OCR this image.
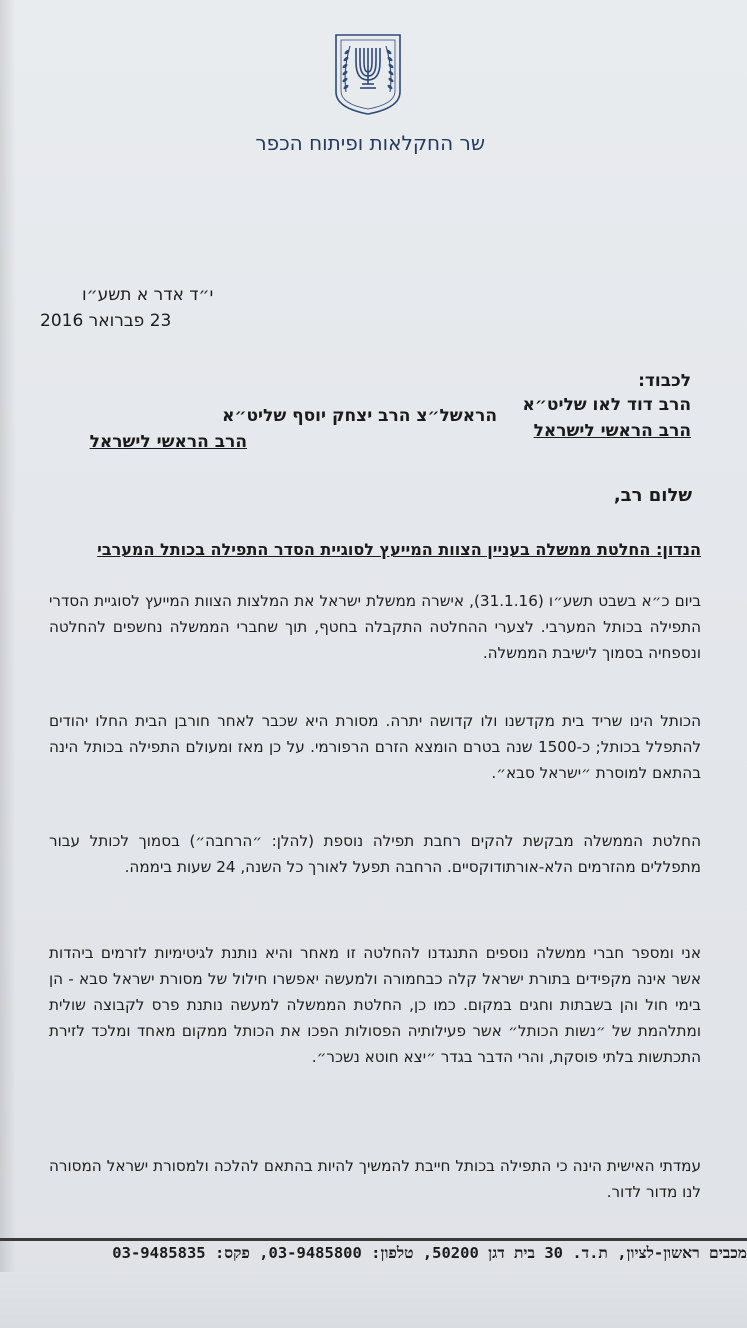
שר החקלאות ופיתוח הכפר
י״ד אדר א תשע״ו
23 פברואר 2016
לכבוד:
הרב דוד לאו שליט״א
הרב הראשי לישראל
הראשל״צ הרב יצחק יוסף שליט״א
הרב הראשי לישראל
שלום רב,
הנדון: החלטת ממשלה בעניין הצוות המייעץ לסוגיית הסדר התפילה בכותל המערבי
ביום כ״א בשבט תשע״ו (31.1.16), אישרה ממשלת ישראל את המלצות הצוות המייעץ לסוגיית הסדרי התפילה בכותל המערבי. לצערי ההחלטה התקבלה בחטף, תוך שחברי הממשלה נחשפים להחלטה ונספחיה בסמוך לישיבת הממשלה.
הכותל הינו שריד בית מקדשנו ולו קדושה יתרה. מסורת היא שכבר לאחר חורבן הבית החלו יהודים להתפלל בכותל; כ-1500 שנה בטרם הומצא הזרם הרפורמי. על כן מאז ומעולם התפילה בכותל הינה בהתאם למוסרת ״ישראל סבא״.
החלטת הממשלה מבקשת להקים רחבת תפילה נוספת (להלן: ״הרחבה״) בסמוך לכותל עבור מתפללים מהזרמים הלא-אורתודוקסיים. הרחבה תפעל לאורך כל השנה, 24 שעות ביממה.
אני ומספר חברי ממשלה נוספים התנגדנו להחלטה זו מאחר והיא נותנת לגיטימיות לזרמים ביהדות אשר אינה מקפידים בתורת ישראל קלה כבחמורה ולמעשה יאפשרו חילול של מסורת ישראל סבא - הן בימי חול והן בשבתות וחגים במקום. כמו כן, החלטת הממשלה למעשה נותנת פרס לקבוצה שולית ומתלהמת של ״נשות הכותל״ אשר פעילותיה הפסולות הפכו את הכותל ממקום מאחד ומלכד לזירת התכתשות בלתי פוסקת, והרי הדבר בגדר ״יצא חוטא נשכר״.
עמדתי האישית הינה כי התפילה בכותל חייבת להמשיך להיות בהתאם להלכה ולמסורת ישראל המסורה לנו מדור לדור.
מכבים ראשון-לציון, ת.ד. 30 בית דגן 50200, טלפון: 03-9485800, פקס: 03-9485835
